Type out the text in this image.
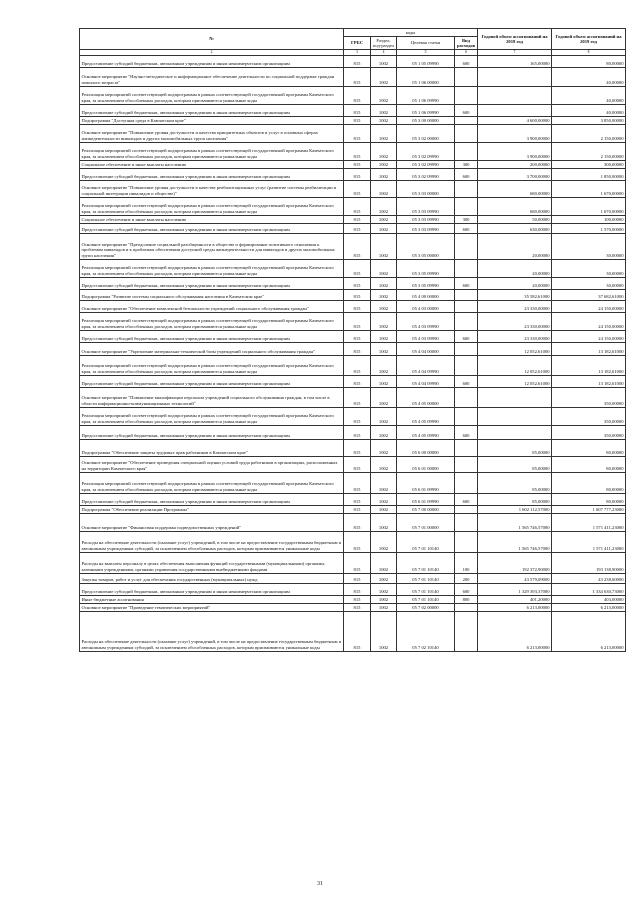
№	коды				Годовой объем ассигнований на 2018 год	Годовой объем ассигнований на 2019 год
	ГРБС	Раздел, под-раздел	Целевая статья	Вид расходов		
2	3	4	5	6	7	8
Предоставление субсидий бюджетным, автономным учреждениям и иным некоммерческим организациям	815	1002	05 1 05 09990	600	165,00000	80,00000
Основное мероприятие "Научно-методическое и информационное обеспечение деятельности по социальной поддержке граждан пожилого возраста"	815	1002	05 1 06 00000			40,00000
Реализация мероприятий соответствующей подпрограммы в рамках соответствующей государственной программы Камчатского края, за исключением обособленных расходов, которым присваиваются уникальные коды	815	1002	05 1 06 09990			40,00000
Предоставление субсидий бюджетным, автономным учреждениям и иным некоммерческим организациям	815	1002	05 1 06 09990	600		40,00000
Подпрограмма "Доступная среда в Камчатском крае"	815	1002	05 3 00 00000		4 600,00000	3 850,00000
Основное мероприятие "Повышение уровня доступности и качества приоритетных объектов и услуг в основных сферах жизнедеятельности инвалидов и других маломобильных групп населения"	815	1002	05 3 02 00000		3 900,00000	2 150,00000
Реализация мероприятий соответствующей подпрограммы в рамках соответствующей государственной программы Камчатского края, за исключением обособленных расходов, которым присваиваются уникальные коды	815	1002	05 3 02 09990		3 900,00000	2 150,00000
Социальное обеспечение и иные выплаты населению	815	1002	05 3 02 09990	300	200,00000	300,00000
Предоставление субсидий бюджетным, автономным учреждениям и иным некоммерческим организациям	815	1002	05 3 02 09990	600	3 700,00000	1 850,00000
Основное мероприятие "Повышение уровня доступности в качестве реабилитационных услуг (развитие системы реабилитации и социальной интеграции инвалидов и обществе)"	815	1002	05 3 03 00000		680,00000	1 670,00000
Реализация мероприятий соответствующей подпрограммы в рамках соответствующей государственной программы Камчатского края, за исключением обособленных расходов, которым присваиваются уникальные коды	815	1002	05 3 03 09990		680,00000	1 670,00000
Социальное обеспечение и иные выплаты населению	815	1002	05 3 03 09990	300	50,00000	100,00000
Предоставление субсидий бюджетным, автономным учреждениям и иным некоммерческим организациям	815	1002	05 3 03 09990	600	630,00000	1 570,00000
Основное мероприятие "Преодоление социальной разобщенности в обществе и формирование позитивного отношения к проблемам инвалидов и к проблемам обеспечения доступной среды жизнедеятельности для инвалидов и других маломобильных групп населения"	815	1002	05 3 05 00000		20,00000	30,00000
Реализация мероприятий соответствующей подпрограммы в рамках соответствующей государственной программы Камчатского края, за исключением обособленных расходов, которым присваиваются уникальные коды	815	1002	05 3 05 09990		20,00000	30,00000
Предоставление субсидий бюджетным, автономным учреждениям и иным некоммерческим организациям	815	1002	05 3 05 09990	600	20,00000	30,00000
Подпрограмма "Развитие системы социального обслуживания населения в Камчатском крае"	815	1002	05 4 00 00000		35 582,61000	37 682,61000
Основное мероприятие "Обеспечение комплексной безопасности учреждений социального обслуживания граждан"	815	1002	05 4 03 00000		23 330,00000	24 150,00000
Реализация мероприятий соответствующей подпрограммы в рамках соответствующей государственной программы Камчатского края, за исключением обособленных расходов, которым присваиваются уникальные коды	815	1002	05 4 03 09990		23 330,00000	24 150,00000
Предоставление субсидий бюджетным, автономным учреждениям и иным некоммерческим организациям	815	1002	05 4 03 09990	600	23 330,00000	24 150,00000
Основное мероприятие "Укрепление материально-технической базы учреждений социального обслуживания граждан"	815	1002	05 4 04 00000		12 052,61000	13 182,61000
Реализация мероприятий соответствующей подпрограммы в рамках соответствующей государственной программы Камчатского края, за исключением обособленных расходов, которым присваиваются уникальные коды	815	1002	05 4 04 09990		12 052,61000	13 182,61000
Предоставление субсидий бюджетным, автономным учреждениям и иным некоммерческим организациям	815	1002	05 4 04 09990	600	12 052,61000	13 182,61000
Основное мероприятие "Повышение квалификации персонала учреждений социального обслуживания граждан, в том числе в области информационно-коммуникационных технологий"	815	1002	05 4 05 00000			350,00000
Реализация мероприятий соответствующей подпрограммы в рамках соответствующей государственной программы Камчатского края, за исключением обособленных расходов, которым присваиваются уникальные коды	815	1002	05 4 05 09990			350,00000
Предоставление субсидий бюджетным, автономным учреждениям и иным некоммерческим организациям	815	1002	05 4 05 09990	600		350,00000
Подпрограмма "Обеспечение защиты трудовых прав работников в Камчатском крае"	815	1002	05 6 00 00000		85,00000	80,00000
Основное мероприятие "Обеспечение проведения специальной оценки условий труда работников в организациях, расположенных на территории Камчатского края"	815	1002	05 6 01 00000		85,00000	80,00000
Реализация мероприятий соответствующей подпрограммы в рамках соответствующей государственной программы Камчатского края, за исключением обособленных расходов, которым присваиваются уникальные коды	815	1002	05 6 01 09990		85,00000	80,00000
Предоставление субсидий бюджетным, автономным учреждениям и иным некоммерческим организациям	815	1002	05 6 01 09990	600	85,00000	80,00000
Подпрограмма "Обеспечение реализации Программы"	815	1002	05 7 00 00000		1 602 112,57000	1 607 777,23000
Основное мероприятие "Финансовая поддержка подведомственных учреждений"	815	1002	05 7 01 00000		1 565 746,57000	1 571 411,23000
Расходы на обеспечение деятельности (оказание услуг) учреждений, в том числе на предоставление государственным бюджетным и автономным учреждениям субсидий, за исключением обособленных расходов, которым присваиваются уникальные коды	815	1002	05 7 01 10140		1 565 746,57000	1 571 411,23000
Расходы на выплаты персоналу в целях обеспечения выполнения функций государственными (муниципальными) органами, казенными учреждениями, органами управления государственными внебюджетными фондами	815	1002	05 7 01 10140	100	192 372,90000	193 138,90000
Закупка товаров, работ и услуг для обеспечения государственных (муниципальных) нужд	815	1002	05 7 01 10140	200	43 579,09000	43 238,60000
Предоставление субсидий бюджетным, автономным учреждениям и иным некоммерческим организациям	815	1002	05 7 01 10140	600	1 329 393,37000	1 334 630,73000
Иные бюджетные ассигнования	815	1002	05 7 01 10140	800	401,20000	403,00000
Основное мероприятие "Проведение тематических мероприятий"	815	1002	05 7 02 00000		6 213,00000	6 213,00000
Расходы на обеспечение деятельности (оказание услуг) учреждений, в том числе на предоставление государственным бюджетным и автономным учреждениям субсидий, за исключением обособленных расходов, которым присваиваются уникальные коды	815	1002	05 7 02 10140		6 213,00000	6 213,00000
31
